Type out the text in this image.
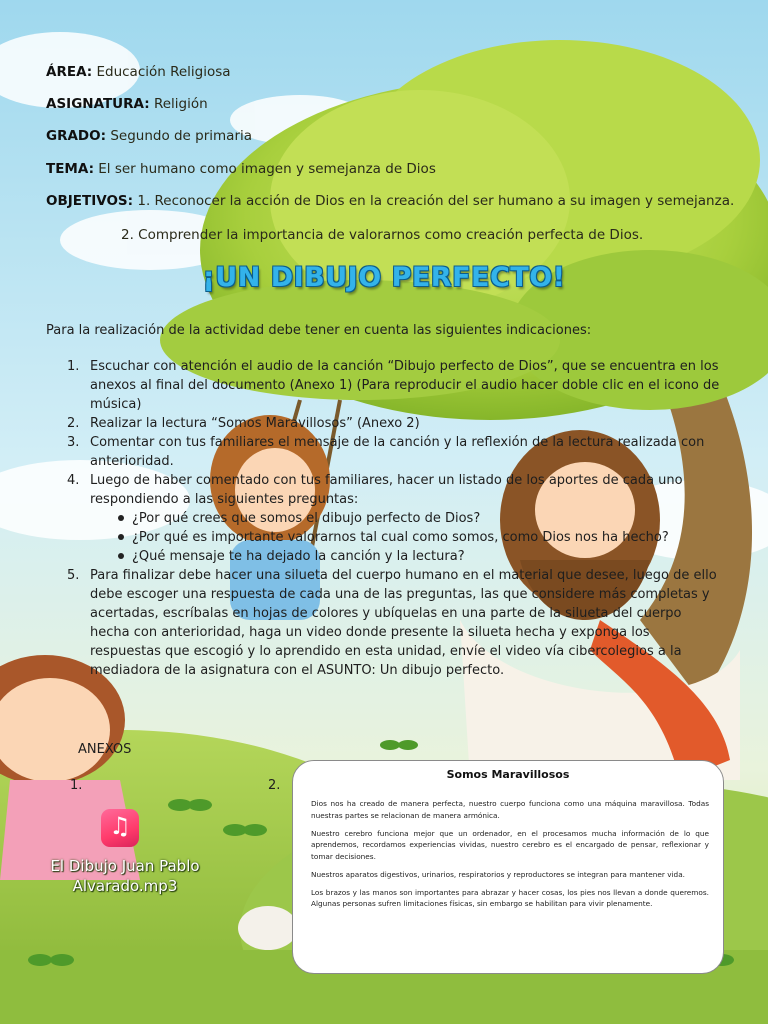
ÁREA: Educación Religiosa
ASIGNATURA: Religión
GRADO: Segundo de primaria
TEMA: El ser humano como imagen y semejanza de Dios
OBJETIVOS: 1. Reconocer la acción de Dios en la creación del ser humano a su imagen y semejanza.
2. Comprender la importancia de valorarnos como creación perfecta de Dios.
¡UN DIBUJO PERFECTO!
Para la realización de la actividad debe tener en cuenta las siguientes indicaciones:
1. Escuchar con atención el audio de la canción “Dibujo perfecto de Dios”, que se encuentra en los anexos al final del documento (Anexo 1) (Para reproducir el audio hacer doble clic en el icono de música)
2. Realizar la lectura “Somos Maravillosos” (Anexo 2)
3. Comentar con tus familiares el mensaje de la canción y la reflexión de la lectura realizada con anterioridad.
4. Luego de haber comentado con tus familiares, hacer un listado de los aportes de cada uno respondiendo a las siguientes preguntas:
¿Por qué crees que somos el dibujo perfecto de Dios?
¿Por qué es importante valorarnos tal cual como somos, como Dios nos ha hecho?
¿Qué mensaje te ha dejado la canción y la lectura?
5. Para finalizar debe hacer una silueta del cuerpo humano en el material que desee, luego de ello debe escoger una respuesta de cada una de las preguntas, las que considere más completas y acertadas, escríbalas en hojas de colores y ubíquelas en una parte de la silueta del cuerpo hecha con anterioridad, haga un video donde presente la silueta hecha y exponga los respuestas que escogió y lo aprendido en esta unidad, envíe el video vía cibercolegios a la mediadora de la asignatura con el ASUNTO: Un dibujo perfecto.
ANEXOS
1.	2.
♫
El Dibujo Juan Pablo Alvarado.mp3
Somos Maravillosos

Dios nos ha creado de manera perfecta, nuestro cuerpo funciona como una máquina maravillosa. Todas nuestras partes se relacionan de manera armónica.

Nuestro cerebro funciona mejor que un ordenador, en el procesamos mucha información de lo que aprendemos, recordamos experiencias vividas, nuestro cerebro es el encargado de pensar, reflexionar y tomar decisiones.

Nuestros aparatos digestivos, urinarios, respiratorios y reproductores se integran para mantener vida.

Los brazos y las manos son importantes para abrazar y hacer cosas, los pies nos llevan a donde queremos. Algunas personas sufren limitaciones físicas, sin embargo se habilitan para vivir plenamente.
